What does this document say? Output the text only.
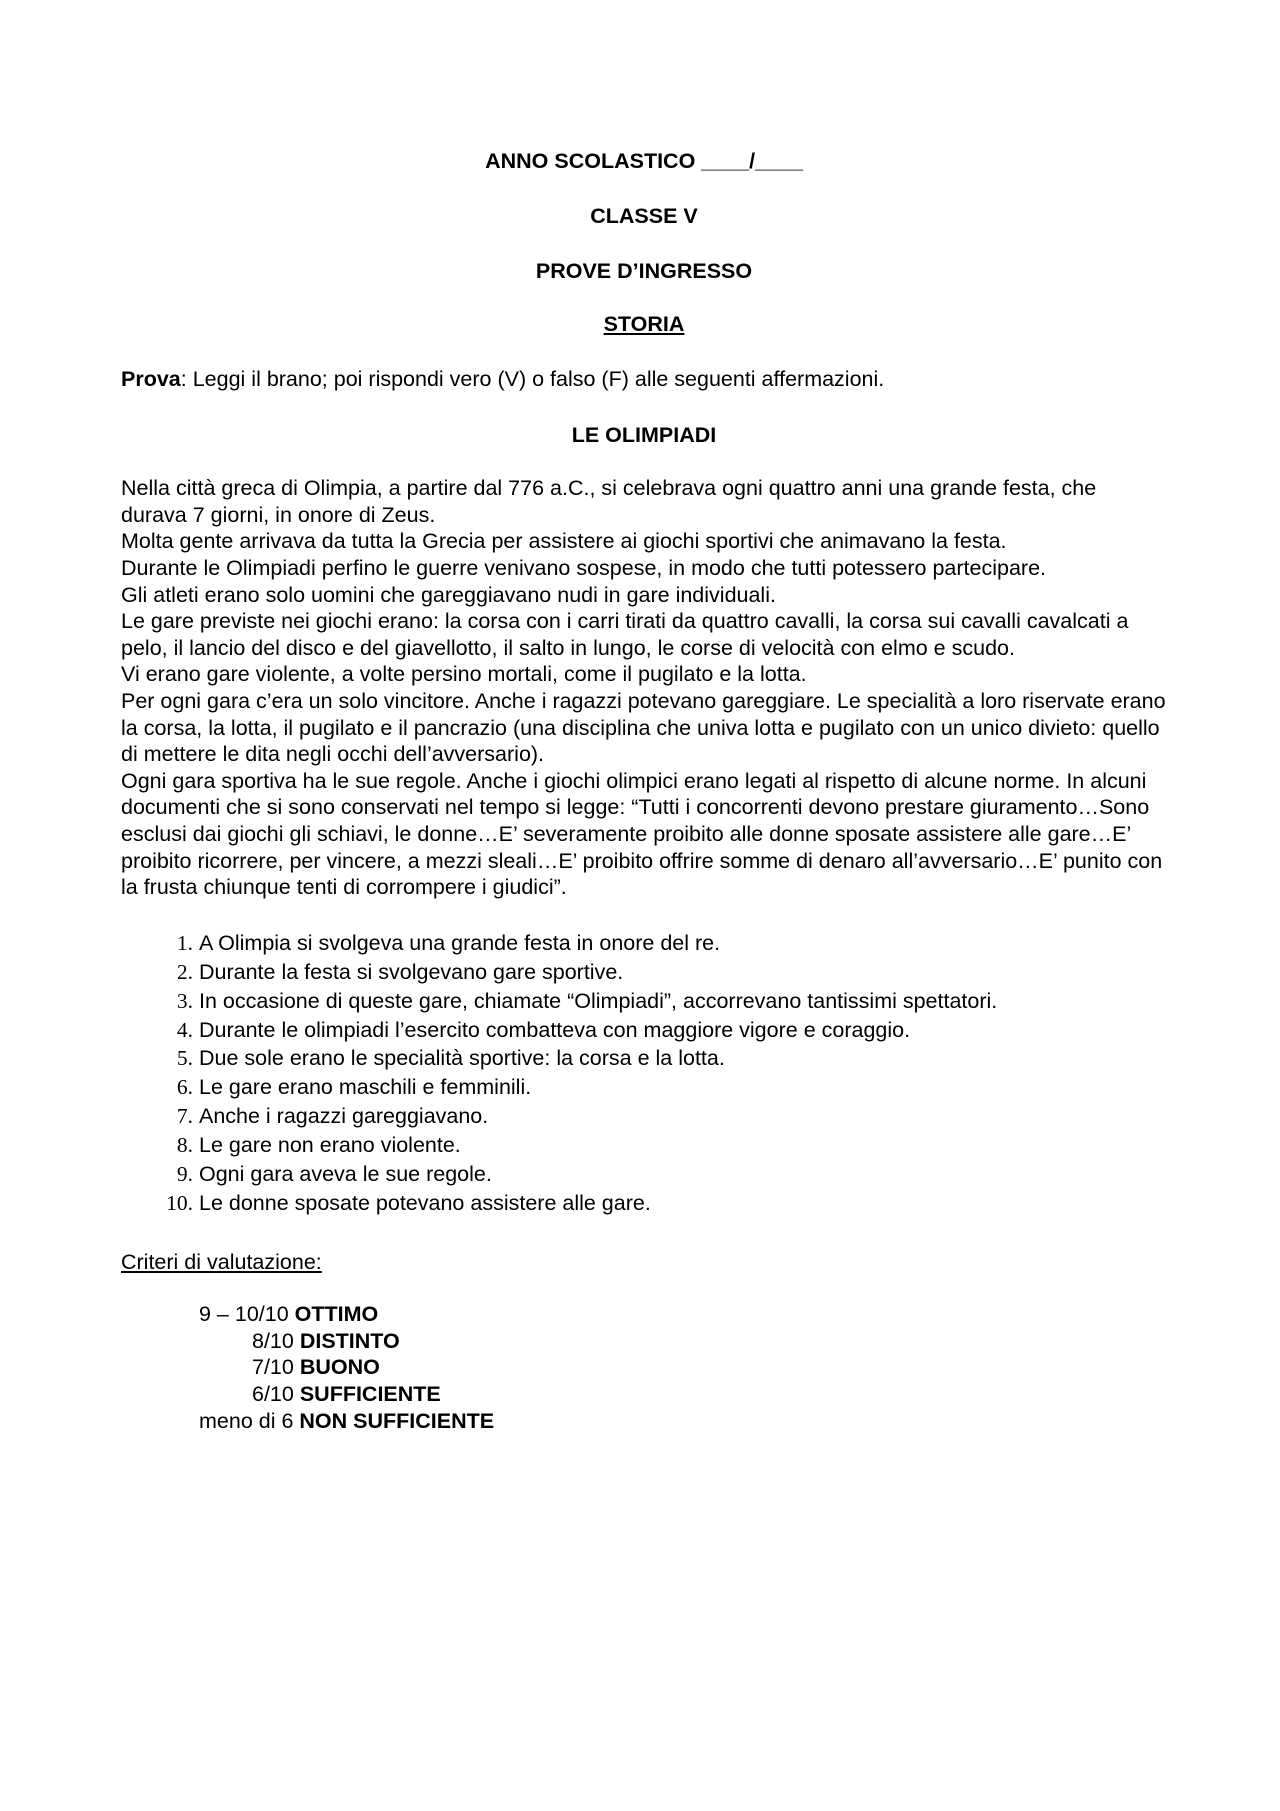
ANNO SCOLASTICO ____/____
CLASSE V
PROVE D’INGRESSO
STORIA
Prova: Leggi il brano; poi rispondi vero (V) o falso (F) alle seguenti affermazioni.
LE OLIMPIADI

Nella città greca di Olimpia, a partire dal 776 a.C., si celebrava ogni quattro anni una grande festa, che durava 7 giorni, in onore di Zeus.

Molta gente arrivava da tutta la Grecia per assistere ai giochi sportivi che animavano la festa.

Durante le Olimpiadi perfino le guerre venivano sospese, in modo che tutti potessero partecipare.

Gli atleti erano solo uomini che gareggiavano nudi in gare individuali.

Le gare previste nei giochi erano: la corsa con i carri tirati da quattro cavalli, la corsa sui cavalli cavalcati a pelo, il lancio del disco e del giavellotto, il salto in lungo, le corse di velocità con elmo e scudo.

Vi erano gare violente, a volte persino mortali, come il pugilato e la lotta.

Per ogni gara c’era un solo vincitore. Anche i ragazzi potevano gareggiare. Le specialità a loro riservate erano la corsa, la lotta, il pugilato e il pancrazio (una disciplina che univa lotta e pugilato con un unico divieto: quello di mettere le dita negli occhi dell’avversario).

Ogni gara sportiva ha le sue regole. Anche i giochi olimpici erano legati al rispetto di alcune norme. In alcuni documenti che si sono conservati nel tempo si legge: “Tutti i concorrenti devono prestare giuramento…Sono esclusi dai giochi gli schiavi, le donne…E’ severamente proibito alle donne sposate assistere alle gare…E’ proibito ricorrere, per vincere, a mezzi sleali…E’ proibito offrire somme di denaro all’avversario…E’ punito con la frusta chiunque tenti di corrompere i giudici”.

1. A Olimpia si svolgeva una grande festa in onore del re.
2. Durante la festa si svolgevano gare sportive.
3. In occasione di queste gare, chiamate “Olimpiadi”, accorrevano tantissimi spettatori.
4. Durante le olimpiadi l’esercito combatteva con maggiore vigore e coraggio.
5. Due sole erano le specialità sportive: la corsa e la lotta.
6. Le gare erano maschili e femminili.
7. Anche i ragazzi gareggiavano.
8. Le gare non erano violente.
9. Ogni gara aveva le sue regole.
10. Le donne sposate potevano assistere alle gare.
Criteri di valutazione:
9 – 10/10 OTTIMO
8/10 DISTINTO
7/10 BUONO
6/10 SUFFICIENTE
meno di 6 NON SUFFICIENTE
